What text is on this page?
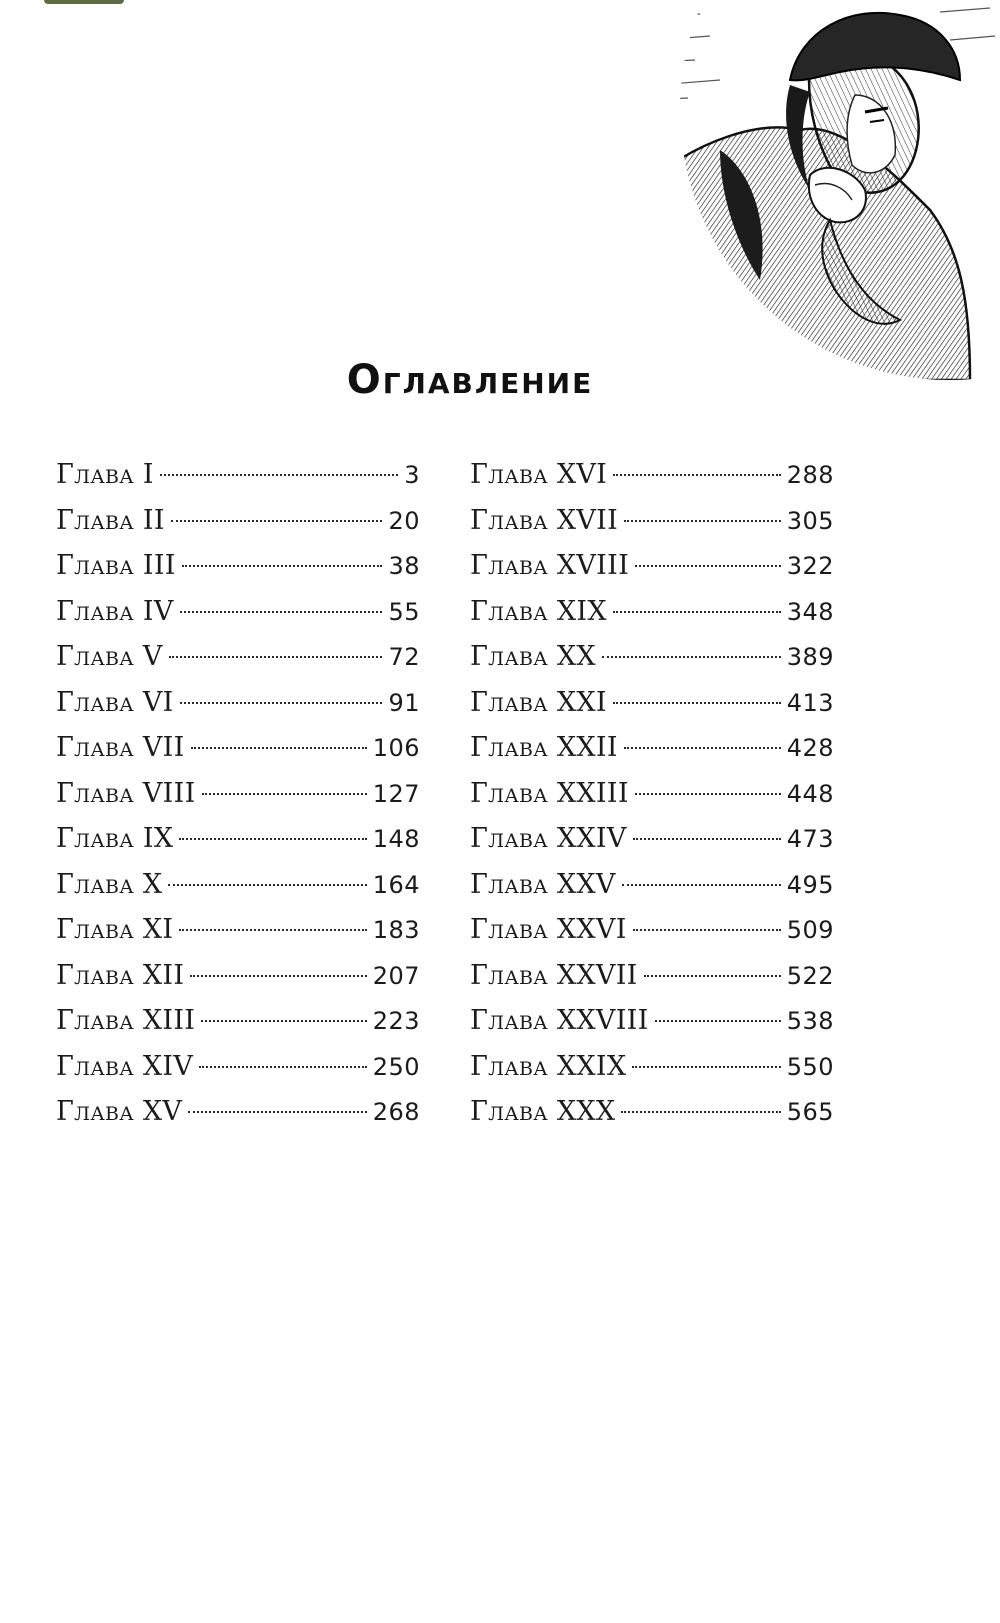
Оглавление
Глава I	3
Глава II	20
Глава III	38
Глава IV	55
Глава V	72
Глава VI	91
Глава VII	106
Глава VIII	127
Глава IX	148
Глава X	164
Глава XI	183
Глава XII	207
Глава XIII	223
Глава XIV	250
Глава XV	268
Глава XVI	288
Глава XVII	305
Глава XVIII	322
Глава XIX	348
Глава XX	389
Глава XXI	413
Глава XXII	428
Глава XXIII	448
Глава XXIV	473
Глава XXV	495
Глава XXVI	509
Глава XXVII	522
Глава XXVIII	538
Глава XXIX	550
Глава XXX	565
